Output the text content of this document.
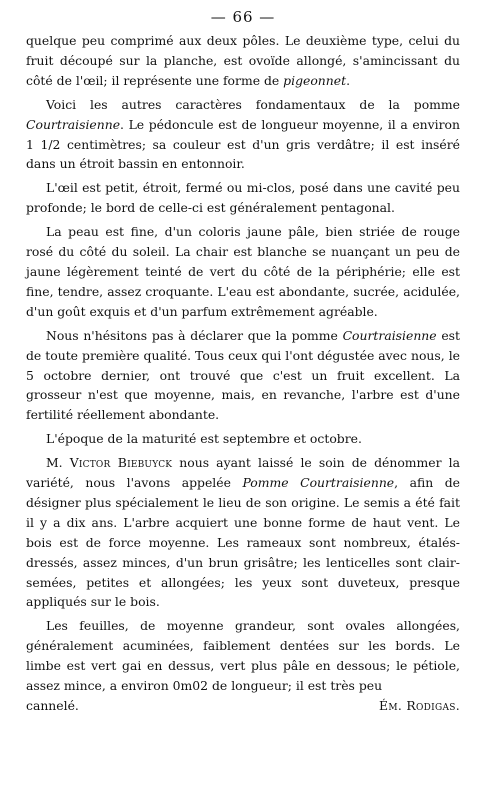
— 66 —

quelque peu comprimé aux deux pôles. Le deuxième type, celui du fruit découpé sur la planche, est ovoïde allongé, s'amincissant du côté de l'œil; il représente une forme de pigeonnet.

Voici les autres caractères fondamentaux de la pomme Courtraisienne. Le pédoncule est de longueur moyenne, il a environ 1 1/2 centimètres; sa couleur est d'un gris verdâtre; il est inséré dans un étroit bassin en entonnoir.

L'œil est petit, étroit, fermé ou mi-clos, posé dans une cavité peu profonde; le bord de celle-ci est généralement pentagonal.

La peau est fine, d'un coloris jaune pâle, bien striée de rouge rosé du côté du soleil. La chair est blanche se nuançant un peu de jaune légèrement teinté de vert du côté de la périphérie; elle est fine, tendre, assez croquante. L'eau est abondante, sucrée, acidulée, d'un goût exquis et d'un parfum extrêmement agréable.

Nous n'hésitons pas à déclarer que la pomme Courtraisienne est de toute première qualité. Tous ceux qui l'ont dégustée avec nous, le 5 octobre dernier, ont trouvé que c'est un fruit excellent. La grosseur n'est que moyenne, mais, en revanche, l'arbre est d'une fertilité réellement abondante.

L'époque de la maturité est septembre et octobre.

M. Victor Biebuyck nous ayant laissé le soin de dénommer la variété, nous l'avons appelée Pomme Courtraisienne, afin de désigner plus spécialement le lieu de son origine. Le semis a été fait il y a dix ans. L'arbre acquiert une bonne forme de haut vent. Le bois est de force moyenne. Les rameaux sont nombreux, étalés-dressés, assez minces, d'un brun grisâtre; les lenticelles sont clair-semées, petites et allongées; les yeux sont duveteux, presque appliqués sur le bois.

Les feuilles, de moyenne grandeur, sont ovales allongées, généralement acuminées, faiblement dentées sur les bords. Le limbe est vert gai en dessus, vert plus pâle en dessous; le pétiole, assez mince, a environ 0m02 de longueur; il est très peu

cannelé.	Ém. Rodigas.
